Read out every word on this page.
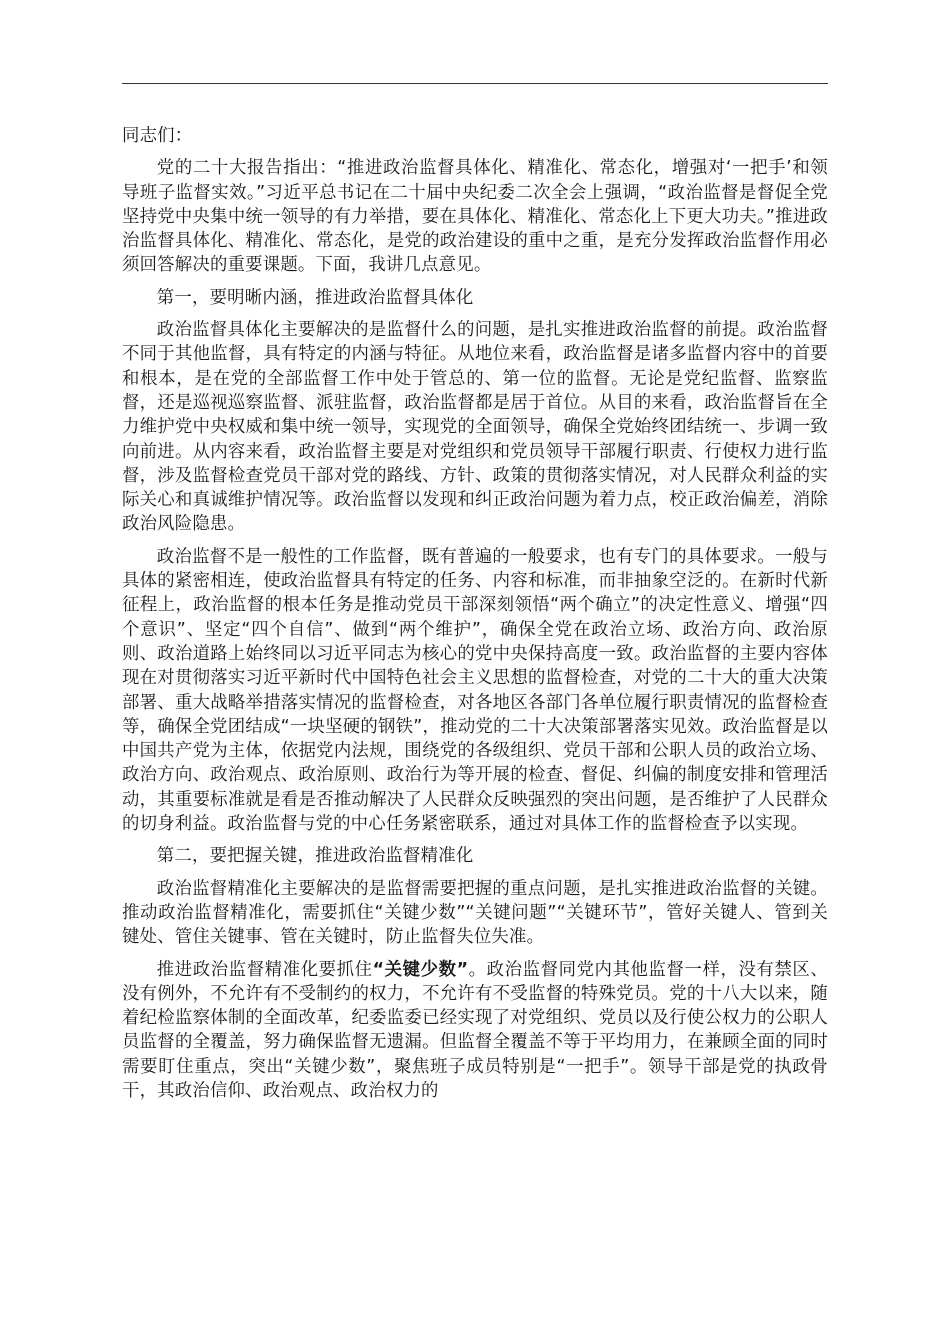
同志们：

党的二十大报告指出：“推进政治监督具体化、精准化、常态化，增强对‘一把手’和领导班子监督实效。”习近平总书记在二十届中央纪委二次全会上强调，“政治监督是督促全党坚持党中央集中统一领导的有力举措，要在具体化、精准化、常态化上下更大功夫。”推进政治监督具体化、精准化、常态化，是党的政治建设的重中之重，是充分发挥政治监督作用必须回答解决的重要课题。下面，我讲几点意见。

第一，要明晰内涵，推进政治监督具体化

政治监督具体化主要解决的是监督什么的问题，是扎实推进政治监督的前提。政治监督不同于其他监督，具有特定的内涵与特征。从地位来看，政治监督是诸多监督内容中的首要和根本，是在党的全部监督工作中处于管总的、第一位的监督。无论是党纪监督、监察监督，还是巡视巡察监督、派驻监督，政治监督都是居于首位。从目的来看，政治监督旨在全力维护党中央权威和集中统一领导，实现党的全面领导，确保全党始终团结统一、步调一致向前进。从内容来看，政治监督主要是对党组织和党员领导干部履行职责、行使权力进行监督，涉及监督检查党员干部对党的路线、方针、政策的贯彻落实情况，对人民群众利益的实际关心和真诚维护情况等。政治监督以发现和纠正政治问题为着力点，校正政治偏差，消除政治风险隐患。

政治监督不是一般性的工作监督，既有普遍的一般要求，也有专门的具体要求。一般与具体的紧密相连，使政治监督具有特定的任务、内容和标准，而非抽象空泛的。在新时代新征程上，政治监督的根本任务是推动党员干部深刻领悟“两个确立”的决定性意义、增强“四个意识”、坚定“四个自信”、做到“两个维护”，确保全党在政治立场、政治方向、政治原则、政治道路上始终同以习近平同志为核心的党中央保持高度一致。政治监督的主要内容体现在对贯彻落实习近平新时代中国特色社会主义思想的监督检查，对党的二十大的重大决策部署、重大战略举措落实情况的监督检查，对各地区各部门各单位履行职责情况的监督检查等，确保全党团结成“一块坚硬的钢铁”，推动党的二十大决策部署落实见效。政治监督是以中国共产党为主体，依据党内法规，围绕党的各级组织、党员干部和公职人员的政治立场、政治方向、政治观点、政治原则、政治行为等开展的检查、督促、纠偏的制度安排和管理活动，其重要标准就是看是否推动解决了人民群众反映强烈的突出问题，是否维护了人民群众的切身利益。政治监督与党的中心任务紧密联系，通过对具体工作的监督检查予以实现。

第二，要把握关键，推进政治监督精准化

政治监督精准化主要解决的是监督需要把握的重点问题，是扎实推进政治监督的关键。推动政治监督精准化，需要抓住“关键少数”“关键问题”“关键环节”，管好关键人、管到关键处、管住关键事、管在关键时，防止监督失位失准。

推进政治监督精准化要抓住“关键少数”。政治监督同党内其他监督一样，没有禁区、没有例外，不允许有不受制约的权力，不允许有不受监督的特殊党员。党的十八大以来，随着纪检监察体制的全面改革，纪委监委已经实现了对党组织、党员以及行使公权力的公职人员监督的全覆盖，努力确保监督无遗漏。但监督全覆盖不等于平均用力，在兼顾全面的同时需要盯住重点，突出“关键少数”，聚焦班子成员特别是“一把手”。领导干部是党的执政骨干，其政治信仰、政治观点、政治权力的
